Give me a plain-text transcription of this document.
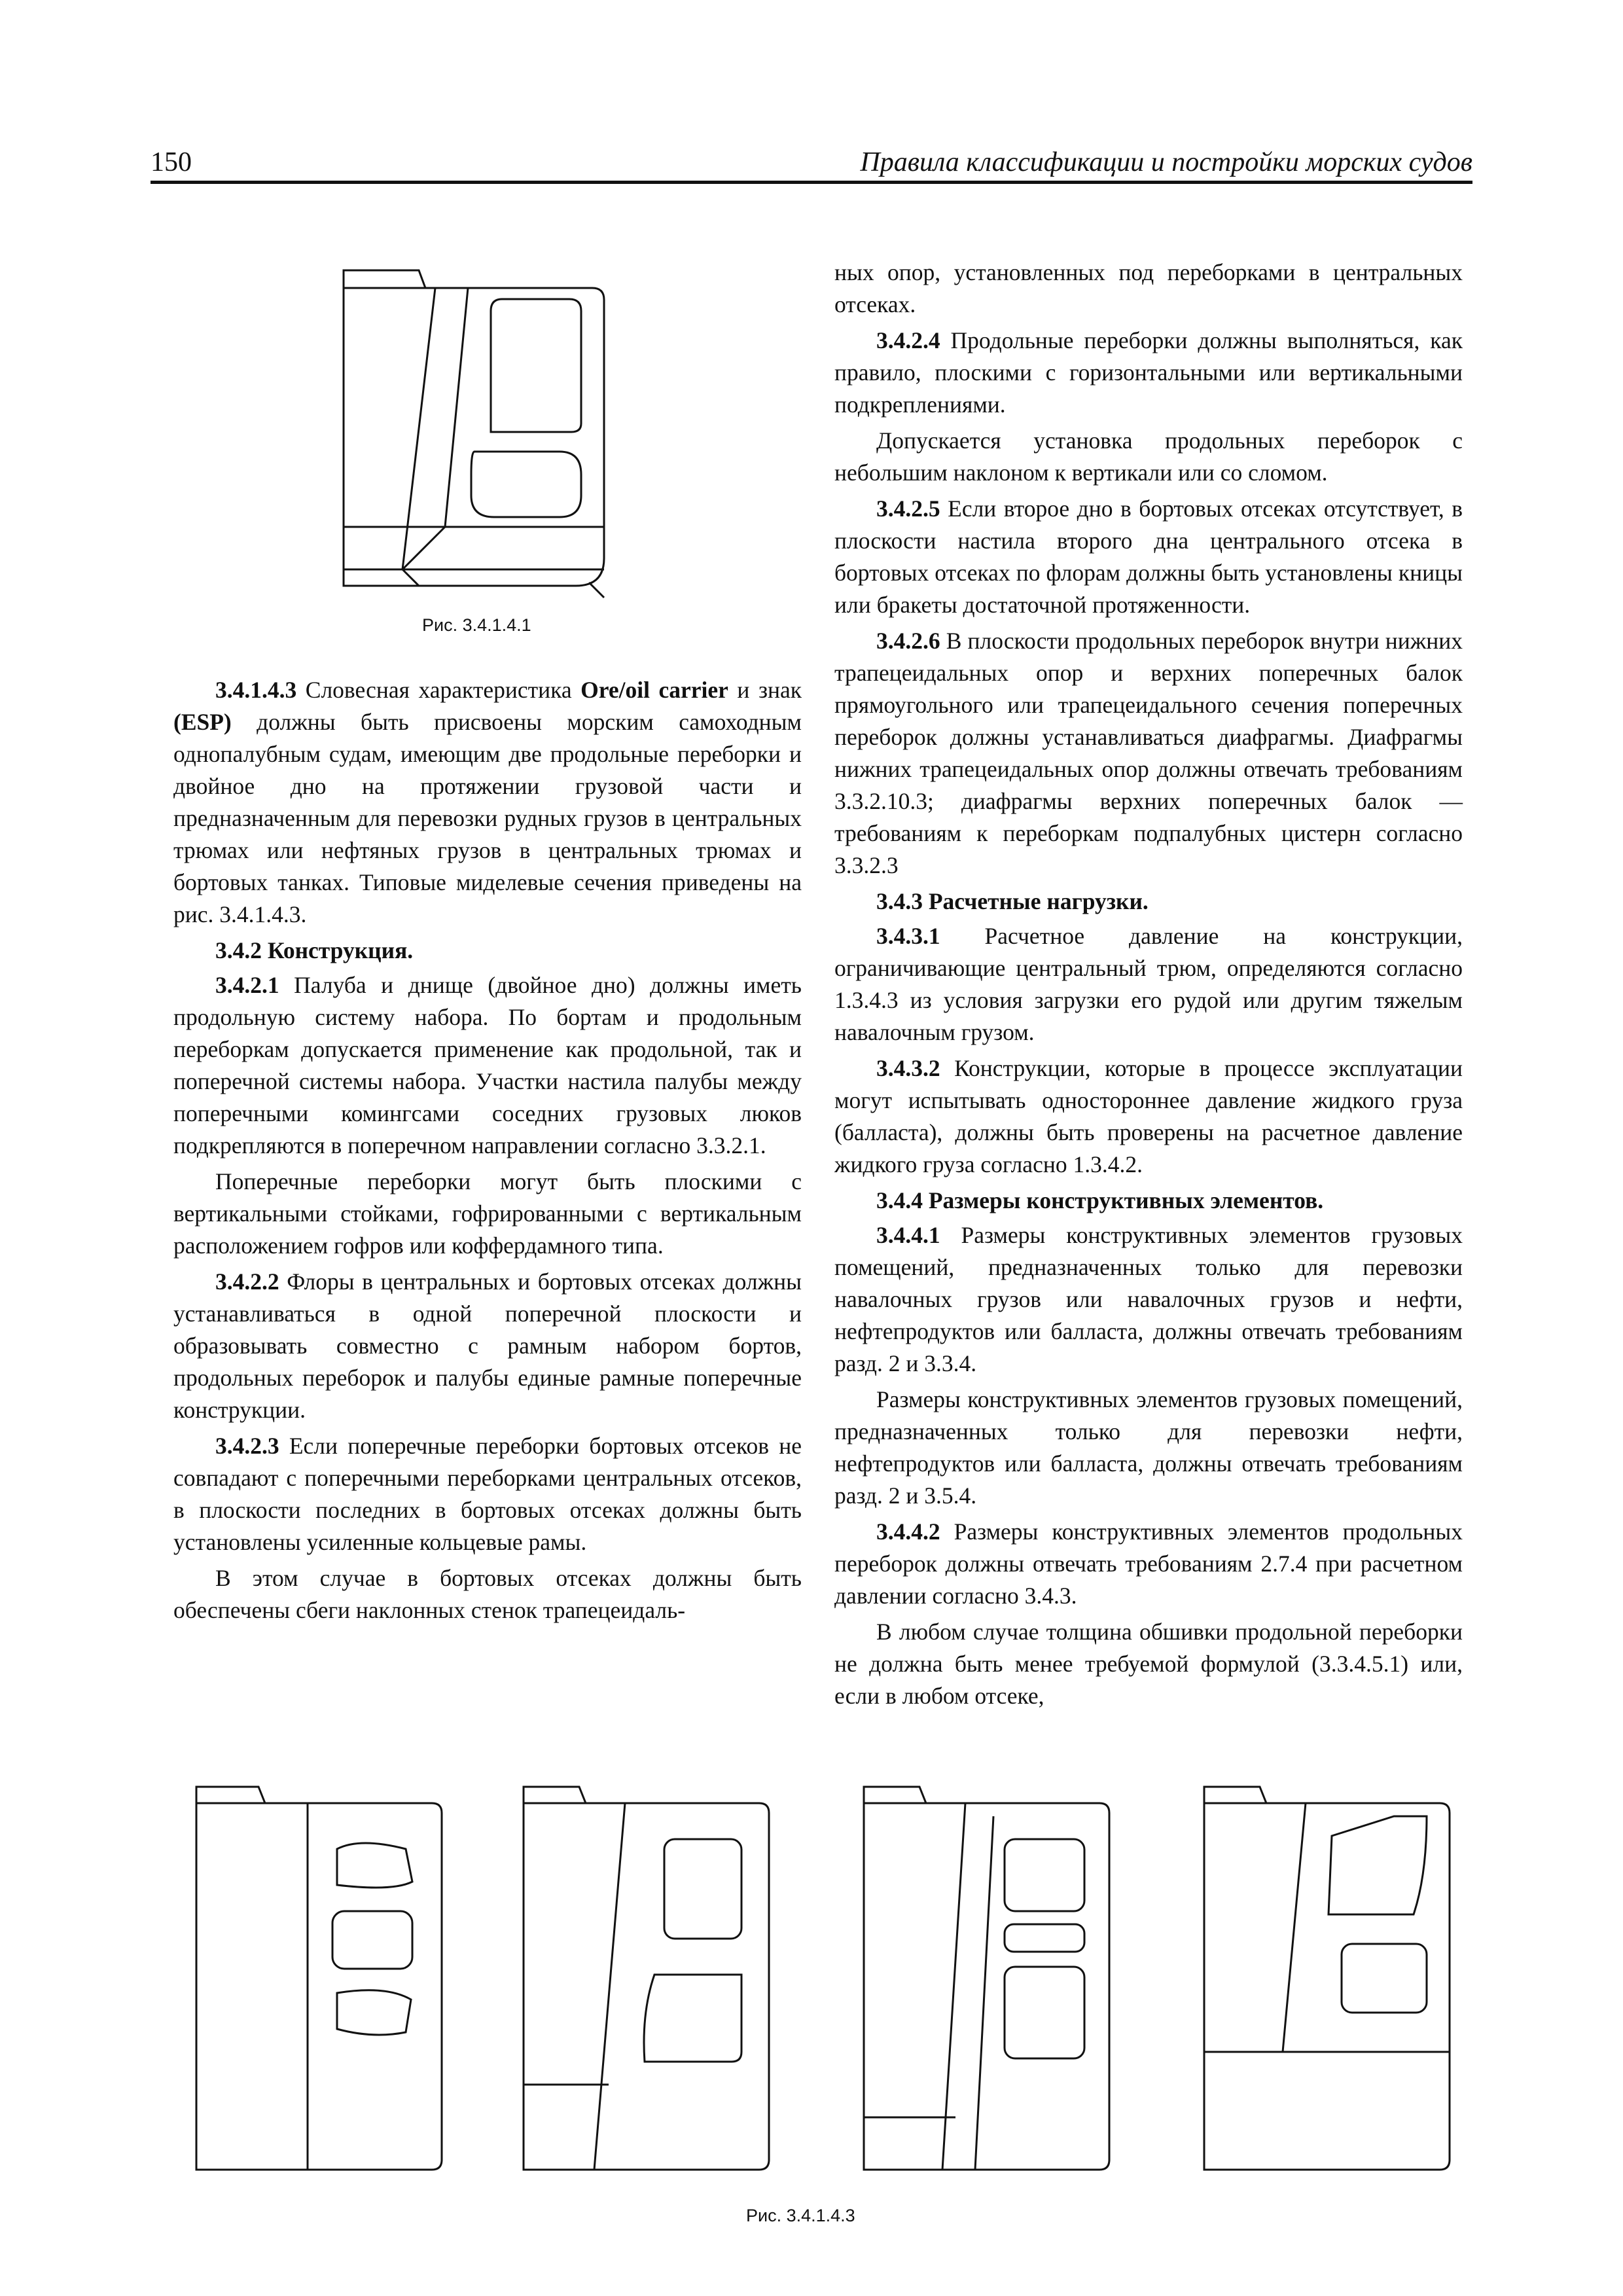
150	Правила классификации и постройки морских судов
Рис. 3.4.1.4.1

3.4.1.4.3 Словесная характеристика Ore/oil carrier и знак (ESP) должны быть присвоены морским самоходным однопалубным судам, имеющим две продольные переборки и двойное дно на протяжении грузовой части и предназначенным для перевозки рудных грузов в центральных трюмах или нефтяных грузов в центральных трюмах и бортовых танках. Типовые миделевые сечения приведены на рис. 3.4.1.4.3.

3.4.2 Конструкция.

3.4.2.1 Палуба и днище (двойное дно) должны иметь продольную систему набора. По бортам и продольным переборкам допускается применение как продольной, так и поперечной системы набора. Участки настила палубы между поперечными комингсами соседних грузовых люков подкрепляются в поперечном направлении согласно 3.3.2.1.

Поперечные переборки могут быть плоскими с вертикальными стойками, гофрированными с вертикальным расположением гофров или коффердамного типа.

3.4.2.2 Флоры в центральных и бортовых отсеках должны устанавливаться в одной поперечной плоскости и образовывать совместно с рамным набором бортов, продольных переборок и палубы единые рамные поперечные конструкции.

3.4.2.3 Если поперечные переборки бортовых отсеков не совпадают с поперечными переборками центральных отсеков, в плоскости последних в бортовых отсеках должны быть установлены усиленные кольцевые рамы.

В этом случае в бортовых отсеках должны быть обеспечены сбеги наклонных стенок трапецеидаль-

ных опор, установленных под переборками в центральных отсеках.

3.4.2.4 Продольные переборки должны выполняться, как правило, плоскими с горизонтальными или вертикальными подкреплениями.

Допускается установка продольных переборок с небольшим наклоном к вертикали или со сломом.

3.4.2.5 Если второе дно в бортовых отсеках отсутствует, в плоскости настила второго дна центрального отсека в бортовых отсеках по флорам должны быть установлены кницы или бракеты достаточной протяженности.

3.4.2.6 В плоскости продольных переборок внутри нижних трапецеидальных опор и верхних поперечных балок прямоугольного или трапецеидального сечения поперечных переборок должны устанавливаться диафрагмы. Диафрагмы нижних трапецеидальных опор должны отвечать требованиям 3.3.2.10.3; диафрагмы верхних поперечных балок — требованиям к переборкам подпалубных цистерн согласно 3.3.2.3

3.4.3 Расчетные нагрузки.

3.4.3.1 Расчетное давление на конструкции, ограничивающие центральный трюм, определяются согласно 1.3.4.3 из условия загрузки его рудой или другим тяжелым навалочным грузом.

3.4.3.2 Конструкции, которые в процессе эксплуатации могут испытывать одностороннее давление жидкого груза (балласта), должны быть проверены на расчетное давление жидкого груза согласно 1.3.4.2.

3.4.4 Размеры конструктивных элементов.

3.4.4.1 Размеры конструктивных элементов грузовых помещений, предназначенных только для перевозки навалочных грузов или навалочных грузов и нефти, нефтепродуктов или балласта, должны отвечать требованиям разд. 2 и 3.3.4.

Размеры конструктивных элементов грузовых помещений, предназначенных только для перевозки нефти, нефтепродуктов или балласта, должны отвечать требованиям разд. 2 и 3.5.4.

3.4.4.2 Размеры конструктивных элементов продольных переборок должны отвечать требованиям 2.7.4 при расчетном давлении согласно 3.4.3.

В любом случае толщина обшивки продольной переборки не должна быть менее требуемой формулой (3.3.4.5.1) или, если в любом отсеке,

Рис. 3.4.1.4.3
